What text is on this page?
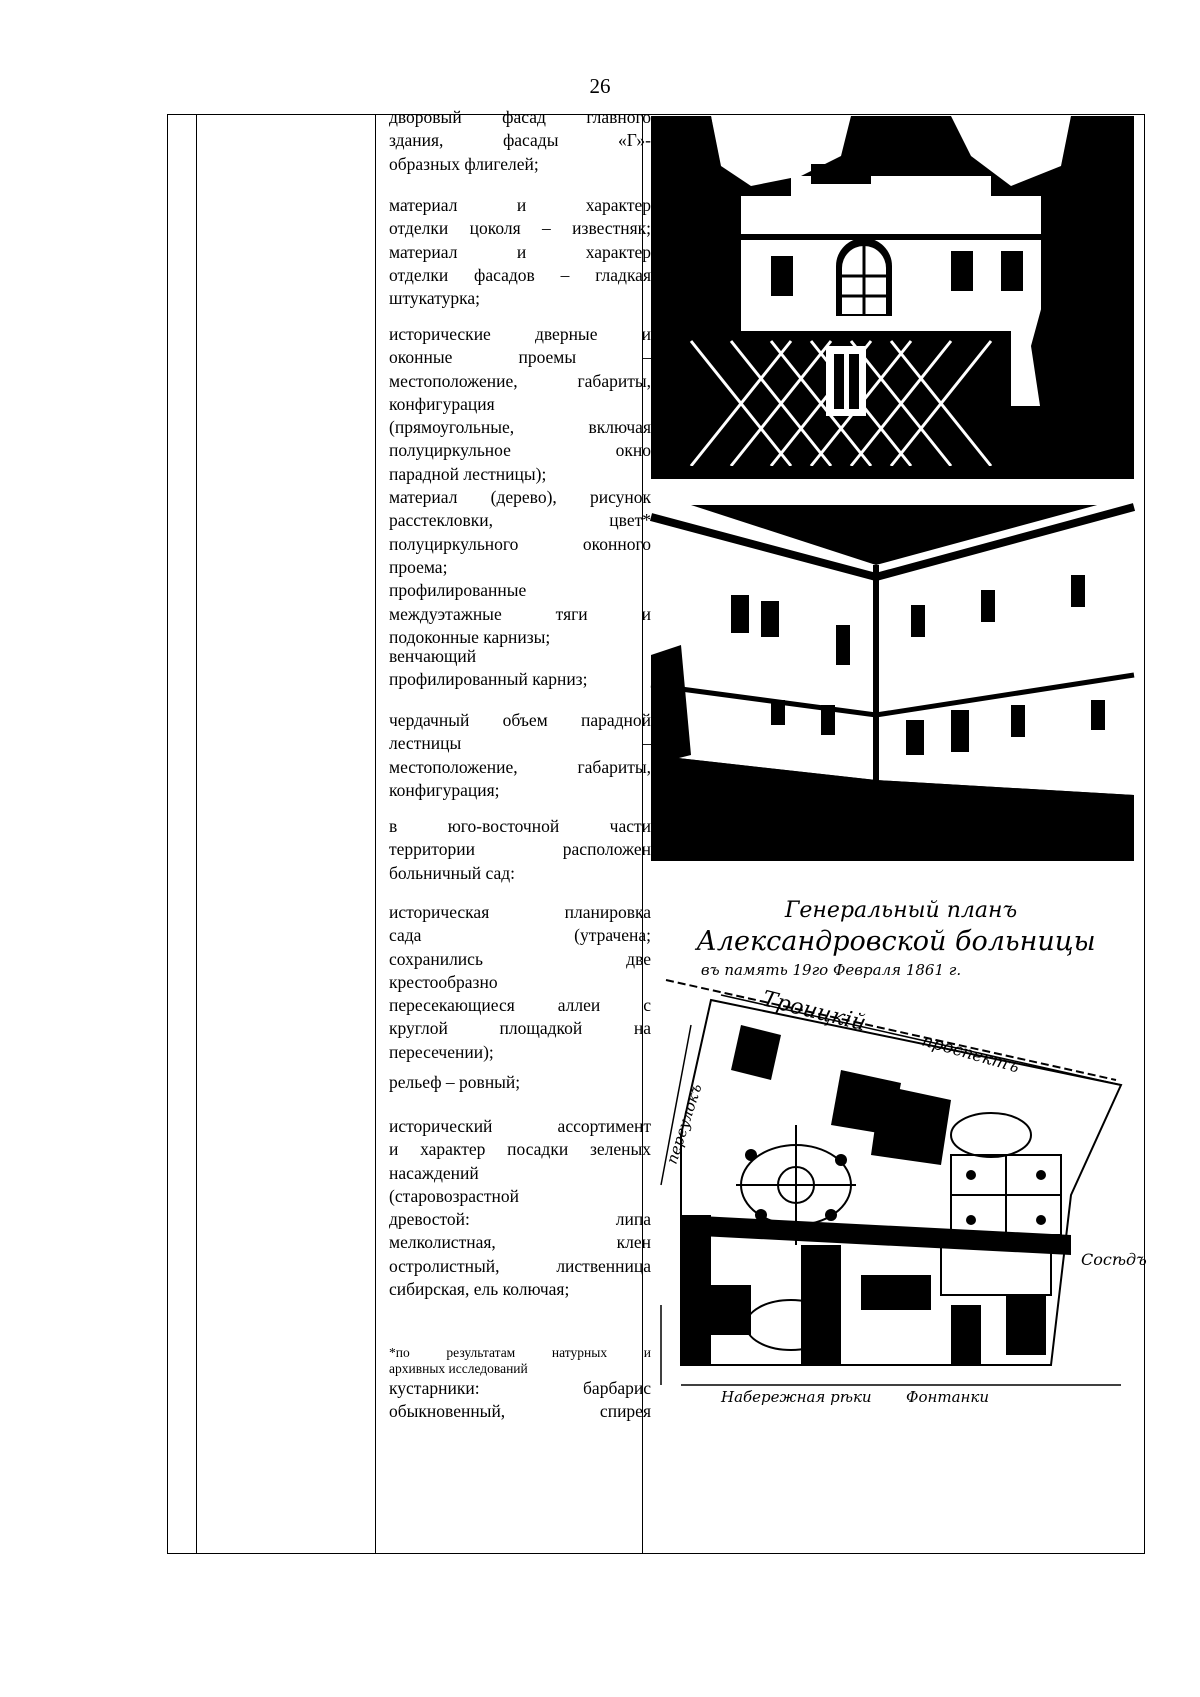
26
дворовый фасад главного
здания, фасады «Г»-
образных флигелей;
материал и характер
отделки цоколя – известняк;
материал и характер
отделки фасадов – гладкая
штукатурка;
исторические дверные и
оконные проемы –
местоположение, габариты,
конфигурация
(прямоугольные, включая
полуциркульное окно
парадной лестницы);
материал (дерево), рисунок
расстекловки, цвет*
полуциркульного оконного
проема;
профилированные
междуэтажные тяги и
подоконные карнизы;
венчающий
профилированный карниз;
чердачный объем парадной
лестницы –
местоположение, габариты,
конфигурация;
в юго-восточной части
территории расположен
больничный сад:
историческая планировка
сада (утрачена;
сохранились две
крестообразно
пересекающиеся аллеи с
круглой площадкой на
пересечении);
рельеф – ровный;
исторический ассортимент
и характер посадки зеленых
насаждений
(старовозрастной
древостой: липа
мелколистная, клен
остролистный, лиственница
сибирская, ель колючая;
*по результатам натурных и
архивных исследований
кустарники: барбарис
обыкновенный, спирея
Генеральный планъ
Александровской больницы
въ память 19го Февраля 1861 г.
Троицкій
проспектъ
переулокъ
Сосѣдъ
Набережная рѣки Фонтанки
